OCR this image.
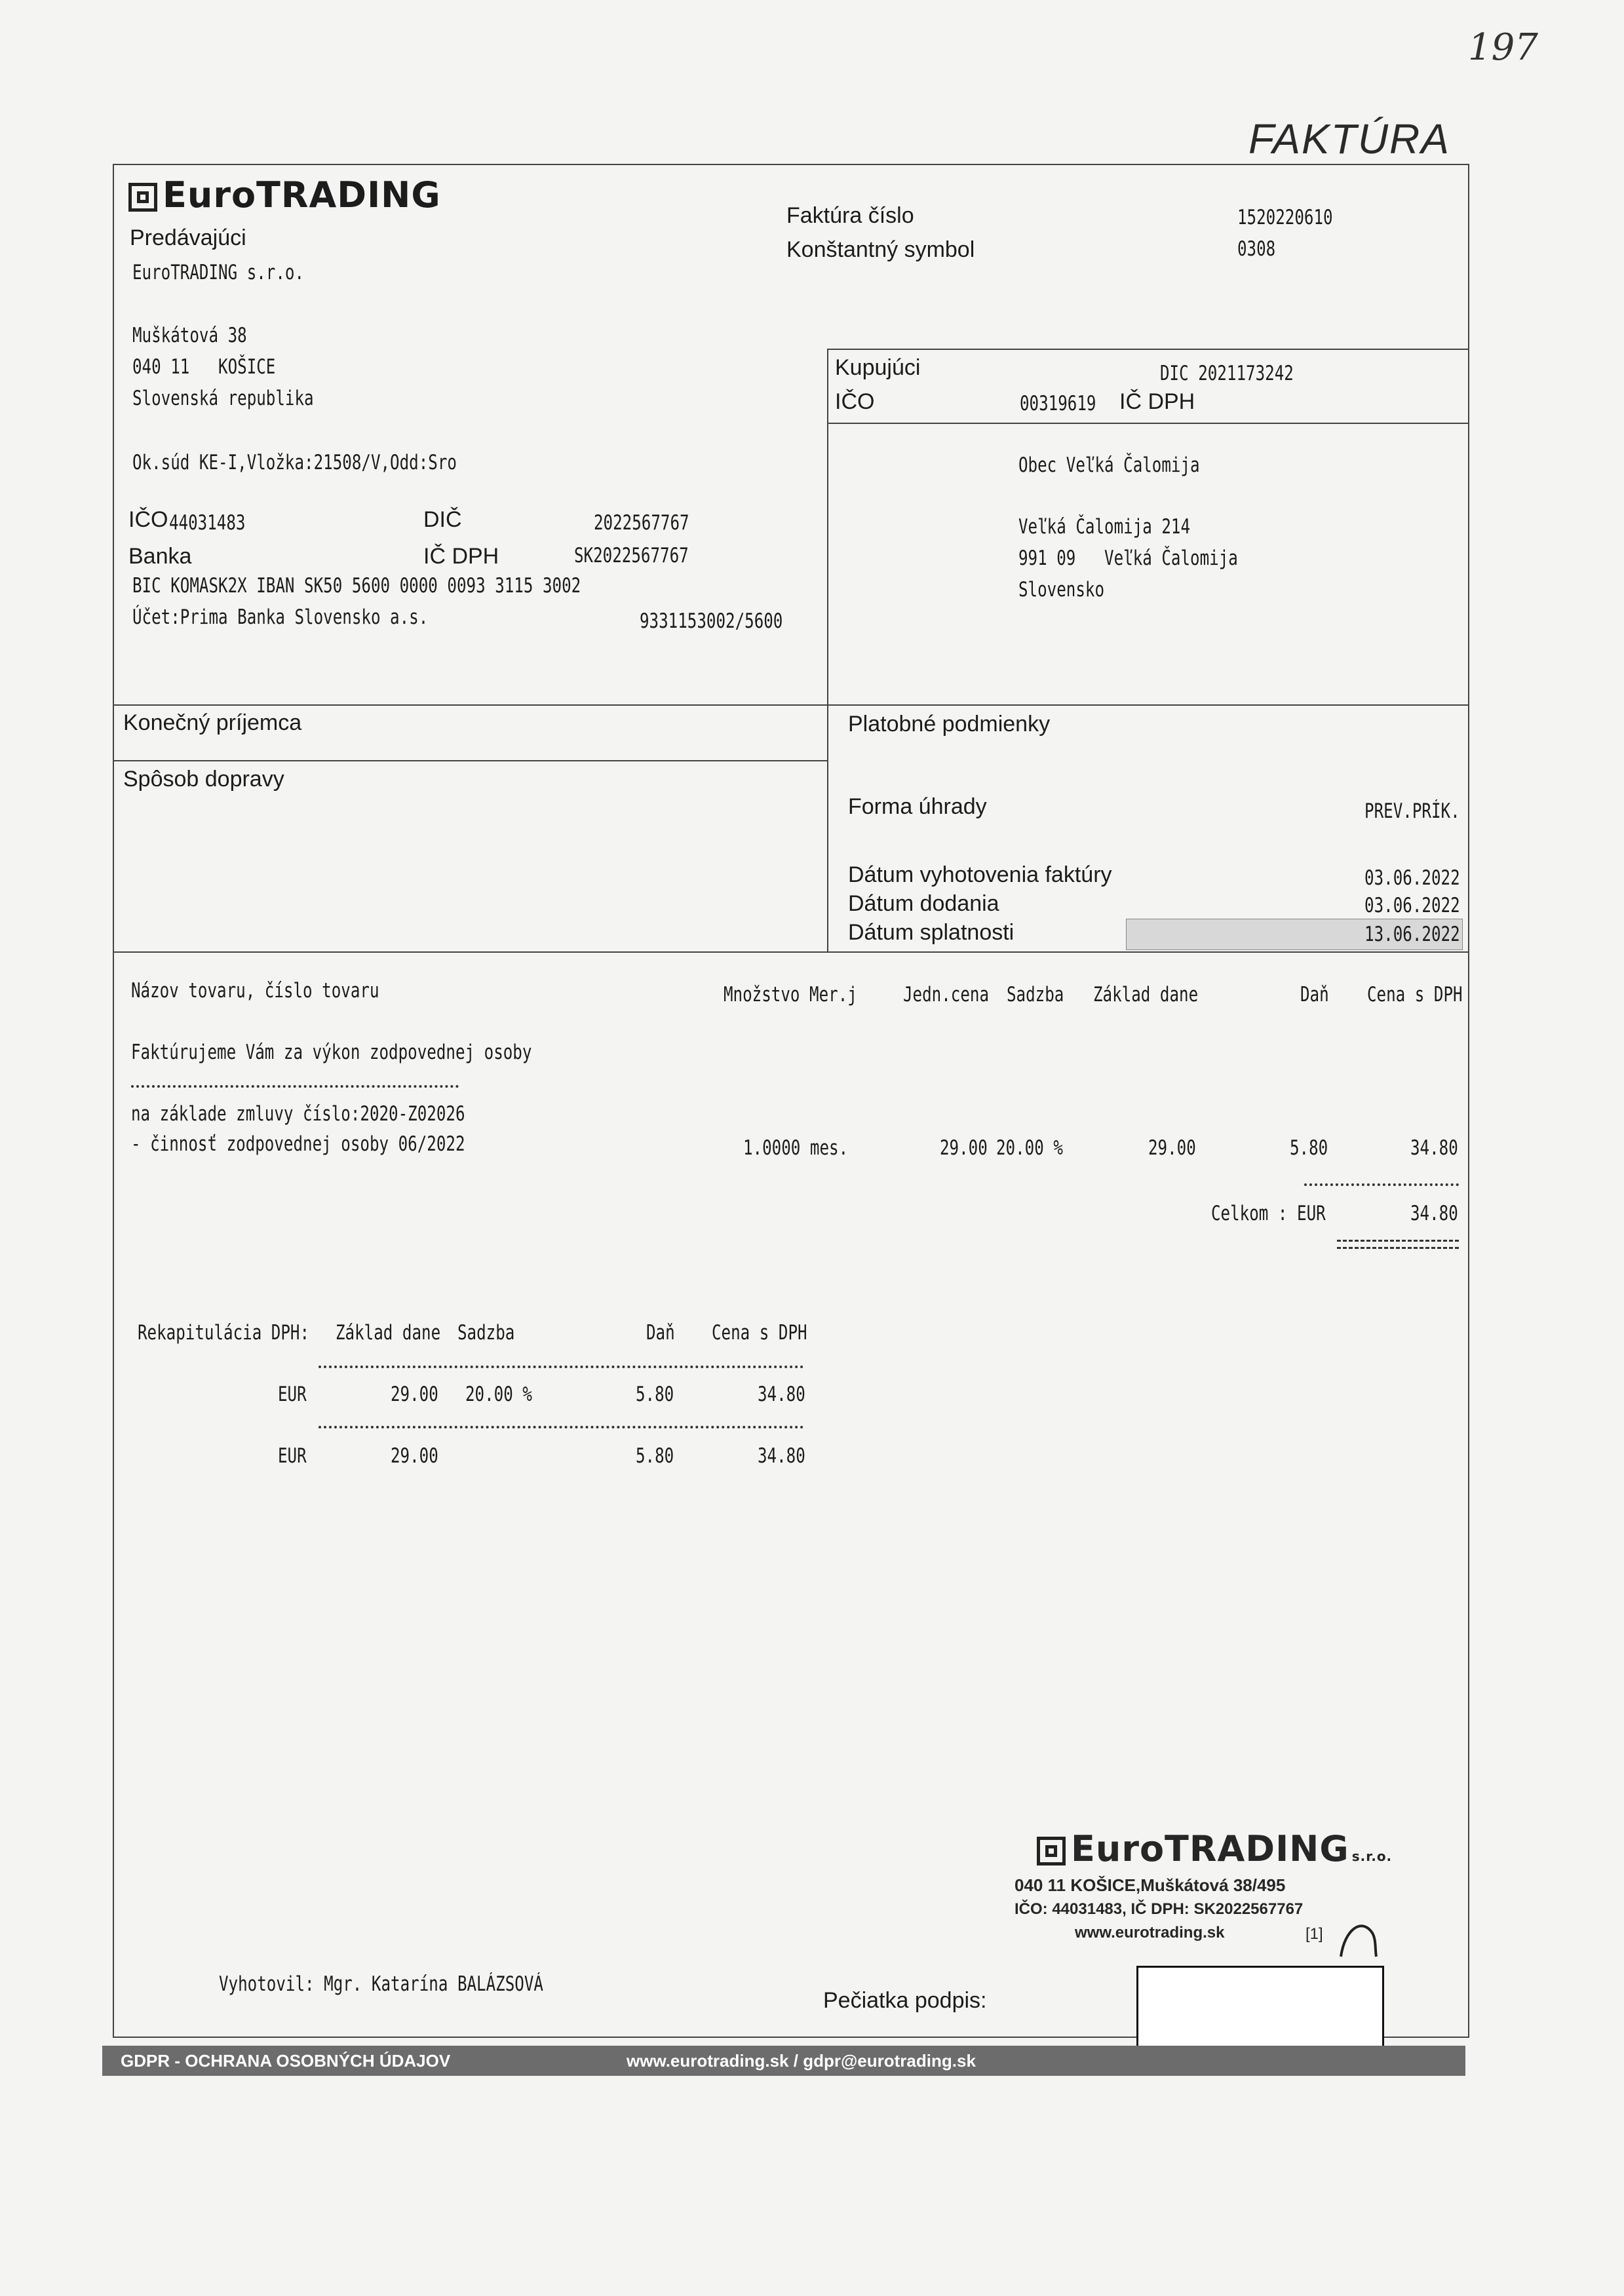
197
FAKTÚRA
EuroTRADING
Predávajúci
EuroTRADING s.r.o.
Muškátová 38
040 11   KOŠICE
Slovenská republika
Ok.súd KE-I,Vložka:21508/V,Odd:Sro
IČO 44031483	DIČ	2022567767
Banka	IČ DPH	SK2022567767
BIC KOMASK2X IBAN SK50 5600 0000 0093 3115 3002
Účet:Prima Banka Slovensko a.s.	9331153002/5600
Faktúra číslo	1520220610
Konštantný symbol	0308
Kupujúci	DIC 2021173242
IČO	00319619 IČ DPH
Obec Veľká Čalomija
Veľká Čalomija 214
991 09   Veľká Čalomija
Slovensko
Konečný príjemca
Spôsob dopravy
Platobné podmienky
Forma úhrady	PREV.PRÍK.
Dátum vyhotovenia faktúry	03.06.2022
Dátum dodania	03.06.2022
Dátum splatnosti	13.06.2022
Názov tovaru, číslo tovaru	Množstvo Mer.j Jedn.cena Sadzba Základ dane	Daň Cena s DPH
Faktúrujeme Vám za výkon zodpovednej osoby
na základe zmluvy číslo:2020-Z02026
- činnosť zodpovednej osoby 06/2022	1.0000 mes.	29.00 20.00 %	29.00	5.80	34.80
Celkom : EUR	34.80
Rekapitulácia DPH: Základ dane Sadzba	Daň Cena s DPH
EUR	29.00 20.00 %	5.80	34.80
EUR	29.00	5.80	34.80
EuroTRADING s.r.o.
040 11 KOŠICE,Muškátová 38/495
IČO: 44031483, IČ DPH: SK2022567767
www.eurotrading.sk	[1]
Vyhotovil: Mgr. Katarína BALÁZSOVÁ
Pečiatka podpis:
GDPR - OCHRANA OSOBNÝCH ÚDAJOV	www.eurotrading.sk / gdpr@eurotrading.sk
